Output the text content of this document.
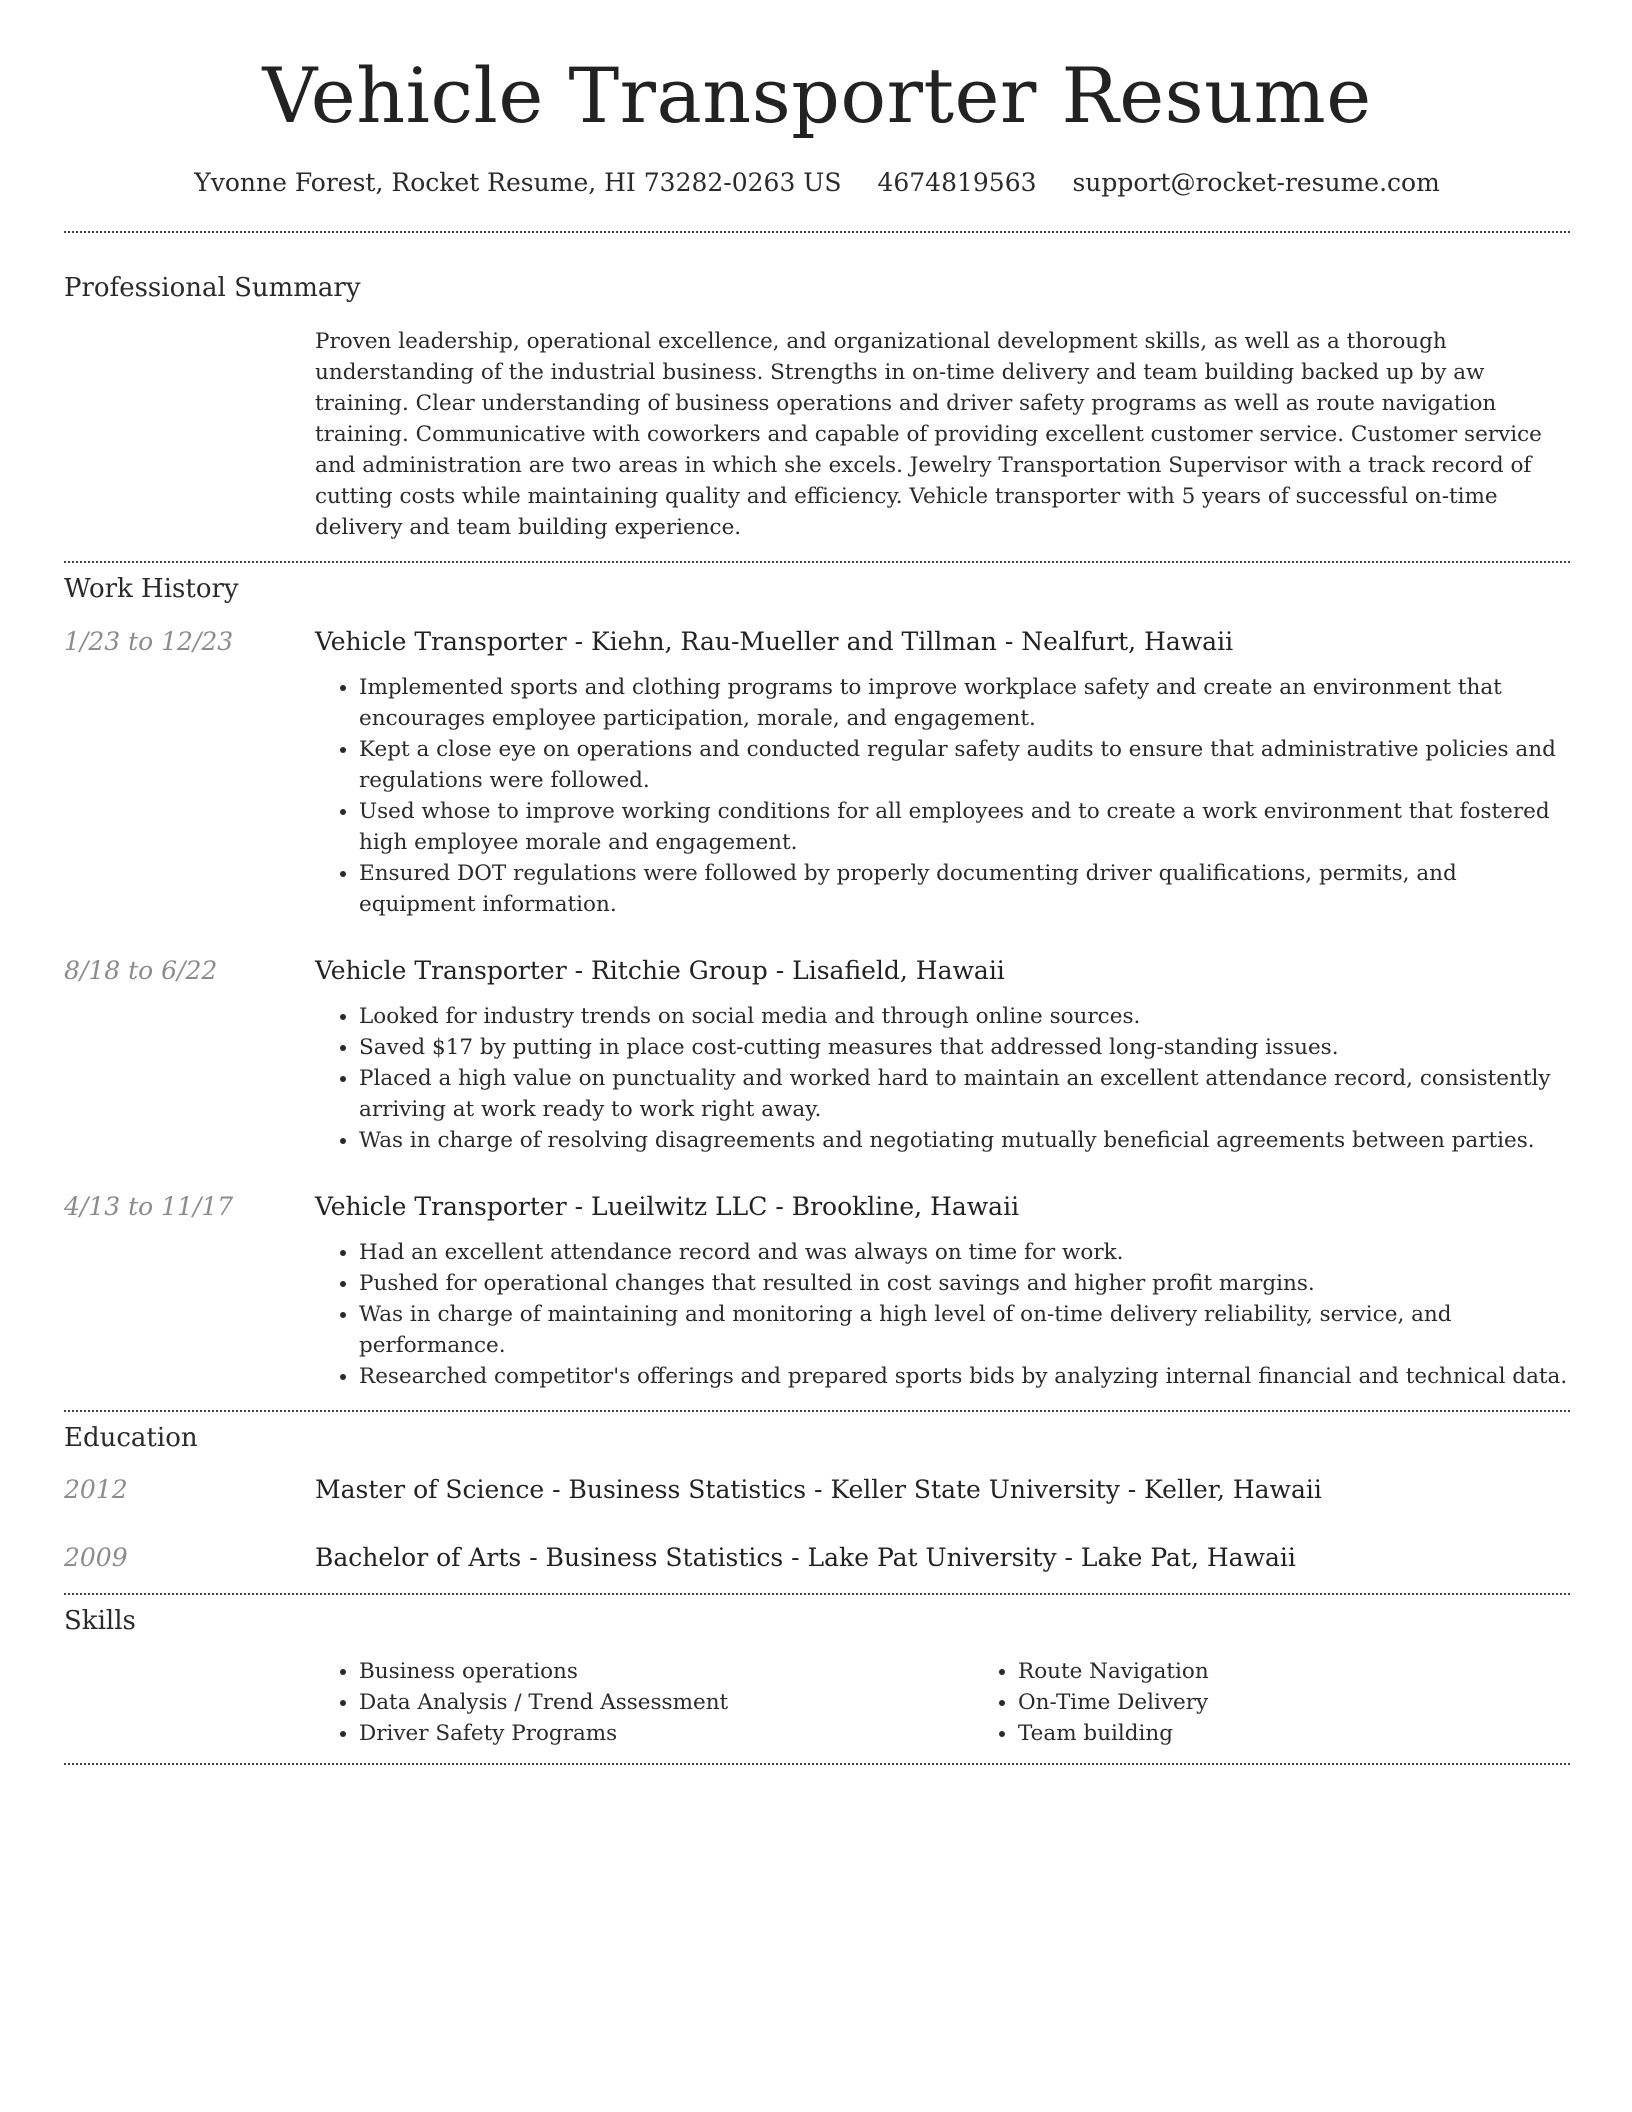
Vehicle Transporter Resume
Yvonne Forest, Rocket Resume, HI 73282-0263 US 4674819563 support@rocket-resume.com
Professional Summary

Proven leadership, operational excellence, and organizational development skills, as well as a thorough understanding of the industrial business. Strengths in on-time delivery and team building backed up by aw training. Clear understanding of business operations and driver safety programs as well as route navigation training. Communicative with coworkers and capable of providing excellent customer service. Customer service and administration are two areas in which she excels. Jewelry Transportation Supervisor with a track record of cutting costs while maintaining quality and efficiency. Vehicle transporter with 5 years of successful on-time delivery and team building experience.

Work History
1/23 to 12/23	Vehicle Transporter - Kiehn, Rau-Mueller and Tillman - Nealfurt, Hawaii
• Implemented sports and clothing programs to improve workplace safety and create an environment that encourages employee participation, morale, and engagement.
• Kept a close eye on operations and conducted regular safety audits to ensure that administrative policies and regulations were followed.
• Used whose to improve working conditions for all employees and to create a work environment that fostered high employee morale and engagement.
• Ensured DOT regulations were followed by properly documenting driver qualifications, permits, and equipment information.
8/18 to 6/22	Vehicle Transporter - Ritchie Group - Lisafield, Hawaii
• Looked for industry trends on social media and through online sources.
• Saved $17 by putting in place cost-cutting measures that addressed long-standing issues.
• Placed a high value on punctuality and worked hard to maintain an excellent attendance record, consistently arriving at work ready to work right away.
• Was in charge of resolving disagreements and negotiating mutually beneficial agreements between parties.
4/13 to 11/17	Vehicle Transporter - Lueilwitz LLC - Brookline, Hawaii
• Had an excellent attendance record and was always on time for work.
• Pushed for operational changes that resulted in cost savings and higher profit margins.
• Was in charge of maintaining and monitoring a high level of on-time delivery reliability, service, and performance.
• Researched competitor's offerings and prepared sports bids by analyzing internal financial and technical data.
Education
2012	Master of Science - Business Statistics - Keller State University - Keller, Hawaii
2009	Bachelor of Arts - Business Statistics - Lake Pat University - Lake Pat, Hawaii
Skills
• Business operations
• Data Analysis / Trend Assessment
• Driver Safety Programs
• Route Navigation
• On-Time Delivery
• Team building
